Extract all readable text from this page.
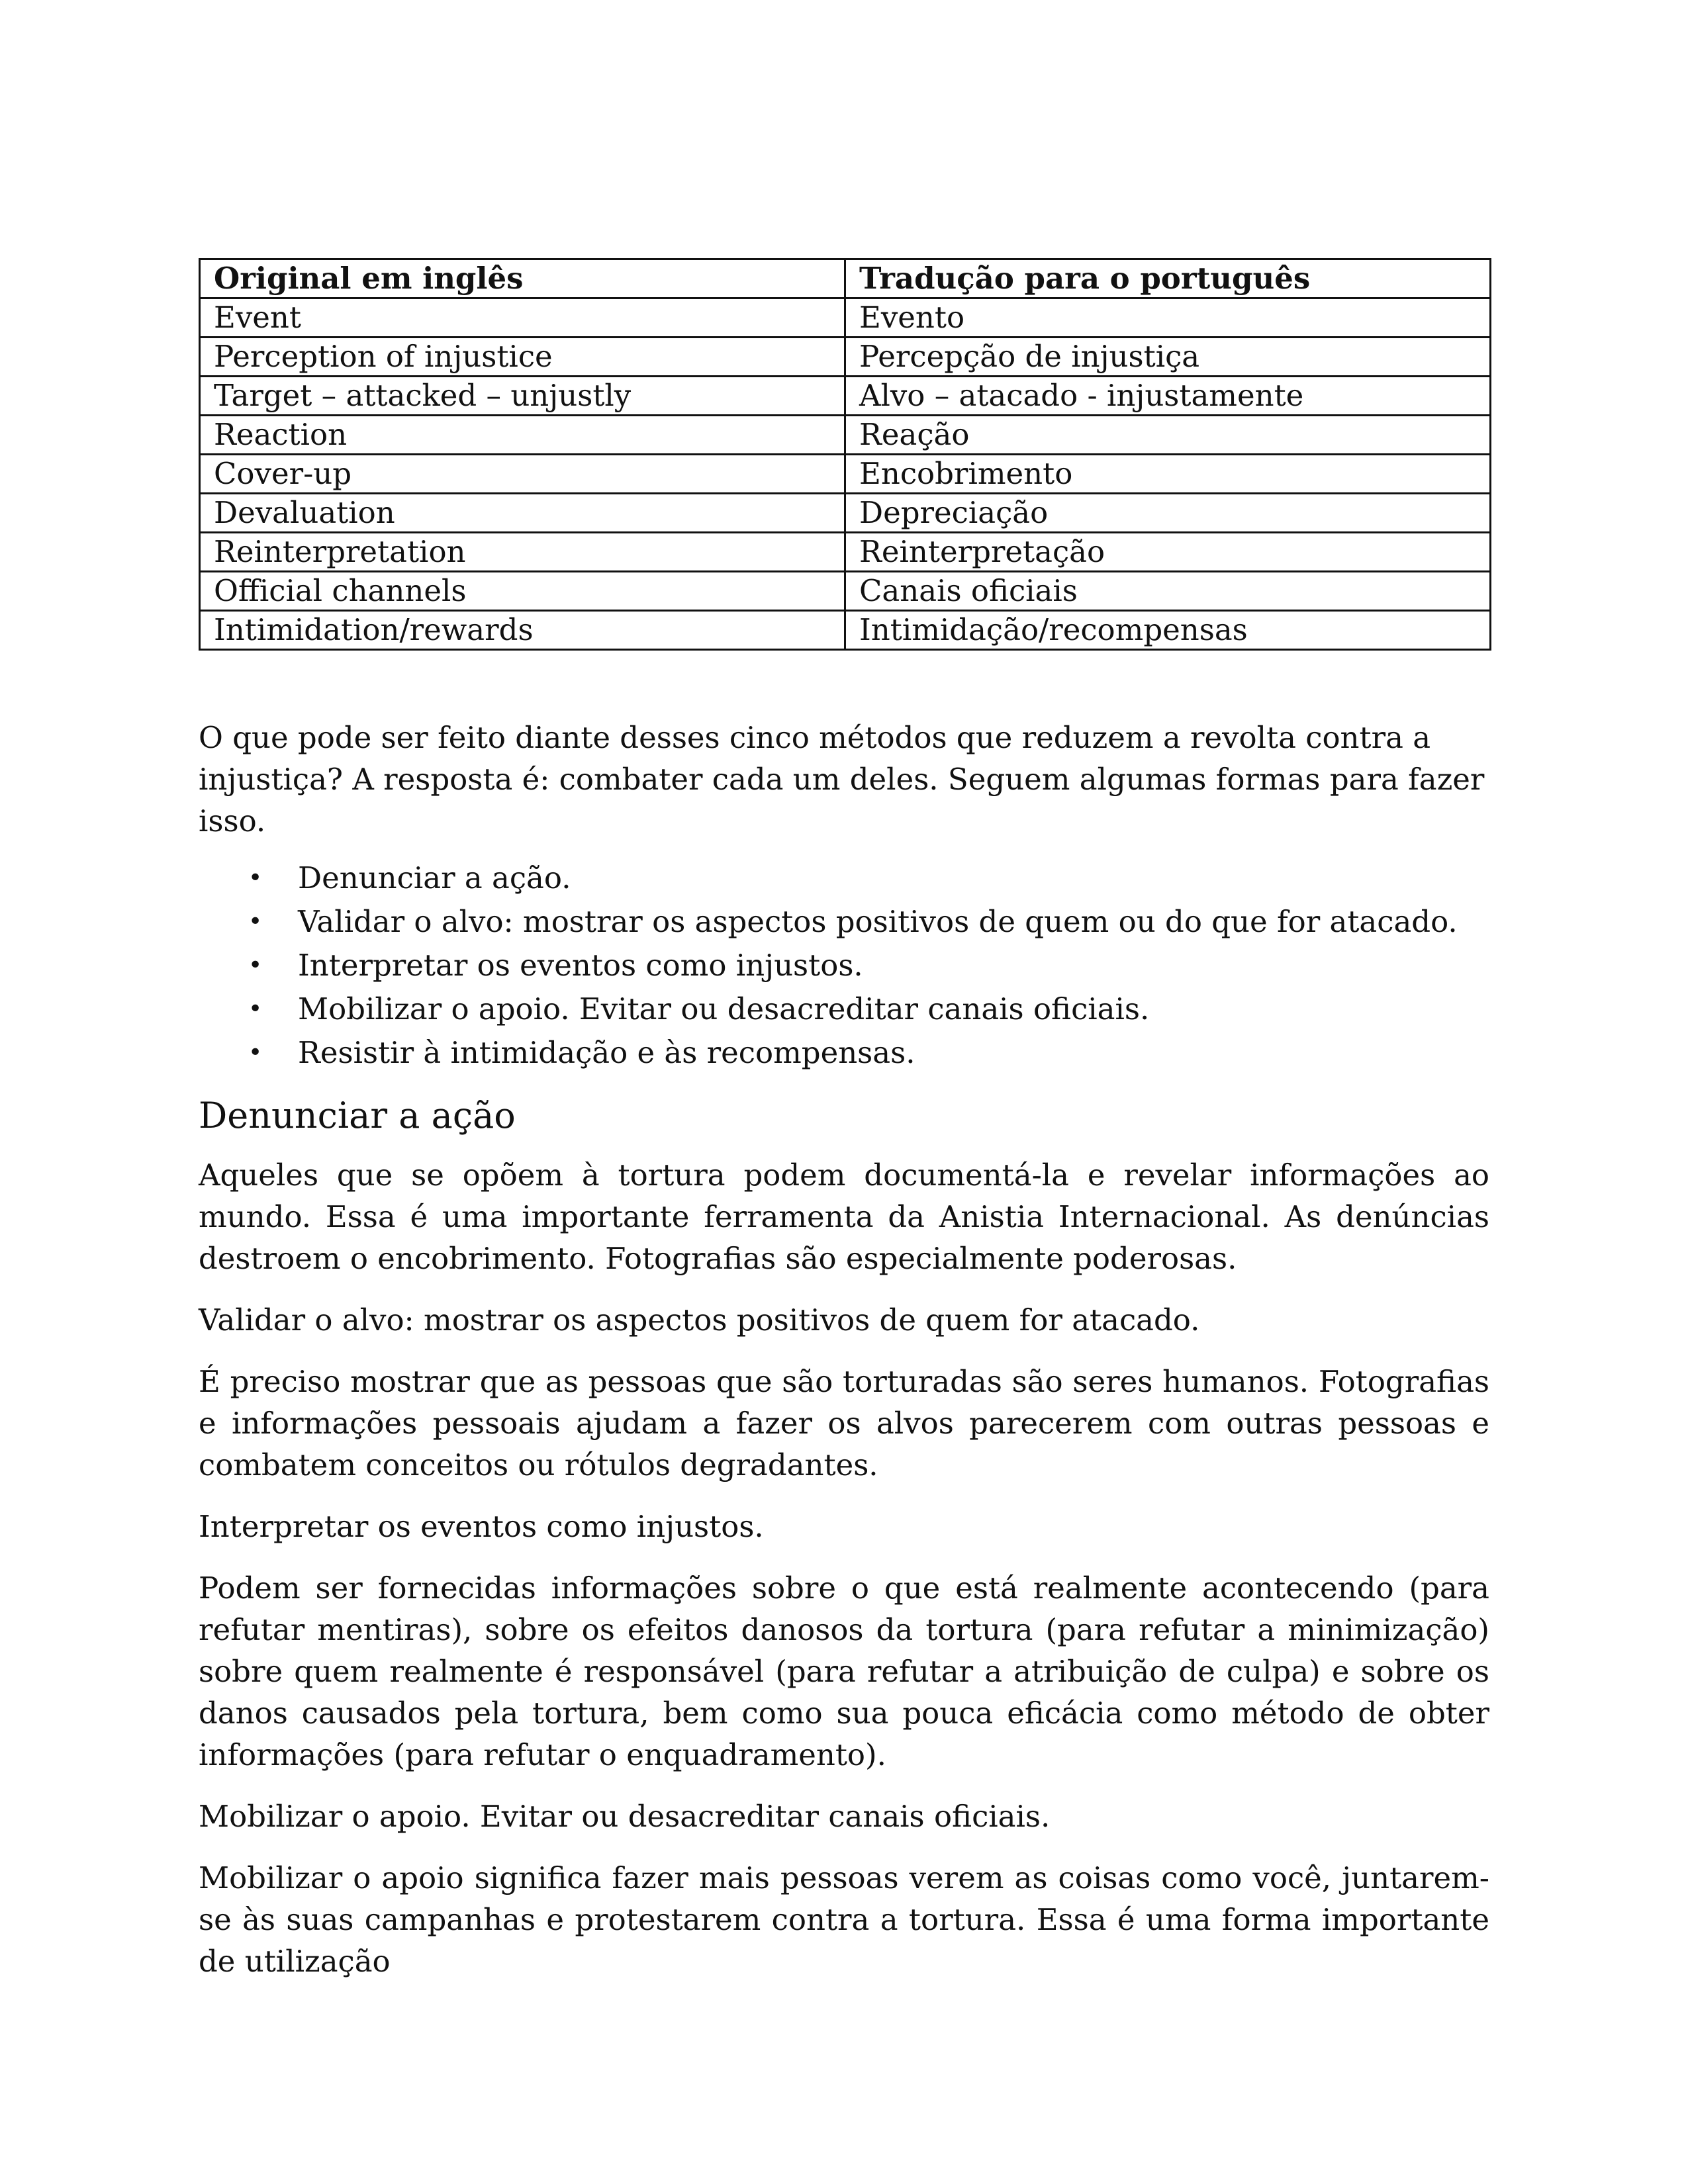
Original em inglês	Tradução para o português
Event	Evento
Perception of injustice	Percepção de injustiça
Target – attacked – unjustly	Alvo – atacado - injustamente
Reaction	Reação
Cover-up	Encobrimento
Devaluation	Depreciação
Reinterpretation	Reinterpretação
Official channels	Canais oficiais
Intimidation/rewards	Intimidação/recompensas

O que pode ser feito diante desses cinco métodos que reduzem a revolta contra a injustiça? A resposta é: combater cada um deles. Seguem algumas formas para fazer isso.

• Denunciar a ação.
• Validar o alvo: mostrar os aspectos positivos de quem ou do que for atacado.
• Interpretar os eventos como injustos.
• Mobilizar o apoio. Evitar ou desacreditar canais oficiais.
• Resistir à intimidação e às recompensas.
Denunciar a ação

Aqueles que se opõem à tortura podem documentá-la e revelar informações ao mundo. Essa é uma importante ferramenta da Anistia Internacional. As denúncias destroem o encobrimento. Fotografias são especialmente poderosas.

Validar o alvo: mostrar os aspectos positivos de quem for atacado.

É preciso mostrar que as pessoas que são torturadas são seres humanos. Fotografias e informações pessoais ajudam a fazer os alvos parecerem com outras pessoas e combatem conceitos ou rótulos degradantes.

Interpretar os eventos como injustos.

Podem ser fornecidas informações sobre o que está realmente acontecendo (para refutar mentiras), sobre os efeitos danosos da tortura (para refutar a minimização) sobre quem realmente é responsável (para refutar a atribuição de culpa) e sobre os danos causados pela tortura, bem como sua pouca eficácia como método de obter informações (para refutar o enquadramento).

Mobilizar o apoio. Evitar ou desacreditar canais oficiais.

Mobilizar o apoio significa fazer mais pessoas verem as coisas como você, juntarem-se às suas campanhas e protestarem contra a tortura. Essa é uma forma importante de utilização
